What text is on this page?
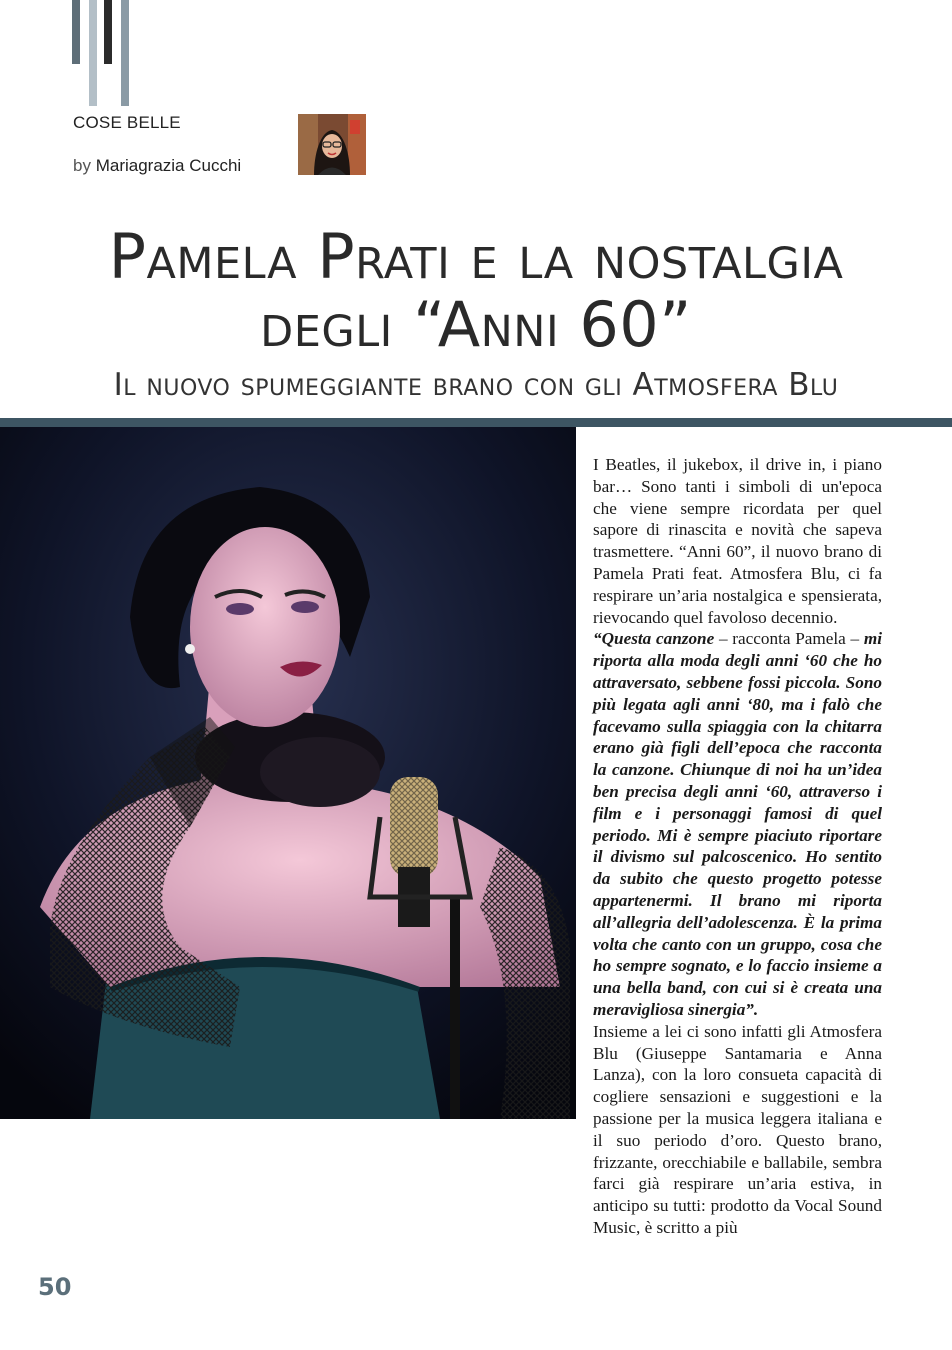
COSE BELLE
by Mariagrazia Cucchi
Pamela Prati e la nostalgia
degli “Anni 60”
Il nuovo spumeggiante brano con gli Atmosfera Blu

I Beatles, il jukebox, il drive in, i piano bar… Sono tanti i simboli di un'epoca che viene sempre ricordata per quel sapore di rinascita e novità che sapeva trasmettere. “Anni 60”, il nuovo brano di Pamela Prati feat. Atmosfera Blu, ci fa respirare un’aria nostalgica e spensierata, rievocando quel favoloso decennio.

“Questa canzone – racconta Pamela – mi riporta alla moda degli anni ‘60 che ho attraversato, sebbene fossi piccola. Sono più legata agli anni ‘80, ma i falò che facevamo sulla spiaggia con la chitarra erano già figli dell’epoca che racconta la canzone. Chiunque di noi ha un’idea ben precisa degli anni ‘60, attraverso i film e i personaggi famosi di quel periodo. Mi è sempre piaciuto riportare il divismo sul palcoscenico. Ho sentito da subito che questo progetto potesse appartenermi. Il brano mi riporta all’allegria dell’adolescenza. È la prima volta che canto con un gruppo, cosa che ho sempre sognato, e lo faccio insieme a una bella band, con cui si è creata una meravigliosa sinergia”.

Insieme a lei ci sono infatti gli Atmosfera Blu (Giuseppe Santamaria e Anna Lanza), con la loro consueta capacità di cogliere sensazioni e suggestioni e la passione per la musica leggera italiana e il suo periodo d’oro. Questo brano, frizzante, orecchiabile e ballabile, sembra farci già respirare un’aria estiva, in anticipo su tutti: prodotto da Vocal Sound Music, è scritto a più

50
